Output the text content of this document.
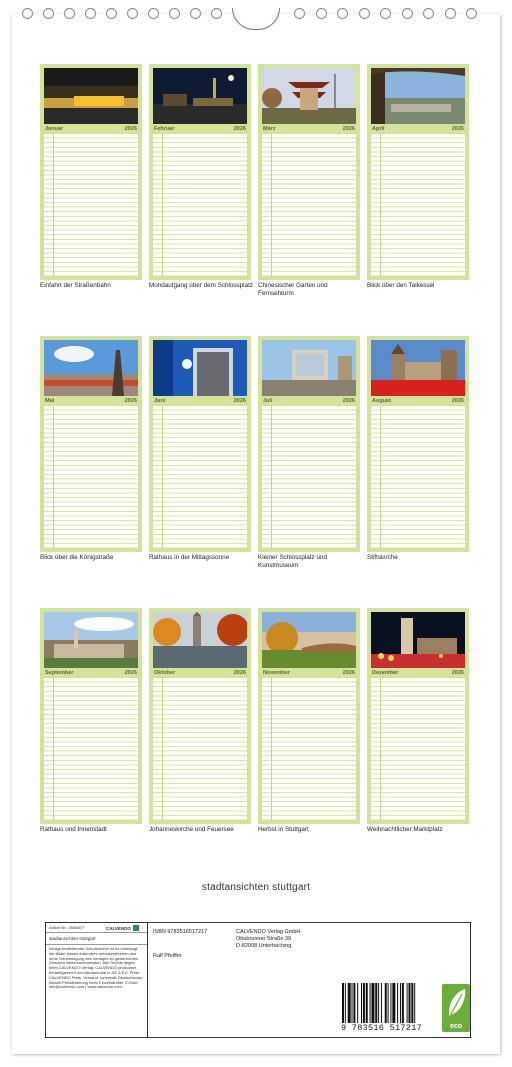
Januar	2026
Einfahrt der Straßenbahn
Februar	2026
Mondaufgang über dem Schlossplatz
März	2026
Chinesischer Garten und Fernsehturm
April	2026
Blick über den Talkessel
Mai	2026
Blick über die Königstraße
Juni	2026
Rathaus in der Mittagssonne
Juli	2026
Kleiner Schlossplatz und Kunstmuseum
August	2026
Stiftskirche
September	2026
Rathaus und Innenstadt
Oktober	2026
Johanneskirche und Feuersee
November	2026
Herbst in Stuttgart
Dezember	2026
Weihnachtlicher Marktplatz
stadtansichten stuttgart
Artikel Nr.: 3586877	CALVENDO
stadtansichten stuttgart
Infolge bestehender Schutzrechte ist es untersagt, die Bilder dieses Kalenders herauszutrennen und ohne Genehmigung des Verlages zu gewerblichen Zwecken weiterzuverwenden. Alle Rechte liegen beim CALVENDO-Verlag. CALVENDO produziert bedarfsgerecht und klimaneutral in DE & EU. Preis: CALVENDO Preis. Versand: Innerhalb Deutschlands. Aktuell Preisänderung beim Einzelhändler. E-Mail: info@calvendo.com | www.calvendo.com
ISBN 9783516517217
Ralf Pfeiffer
CALVENDO Verlag GmbH
Ottobrunner Straße 39
D-82008 Unterhaching
9 783516 517217	eco
